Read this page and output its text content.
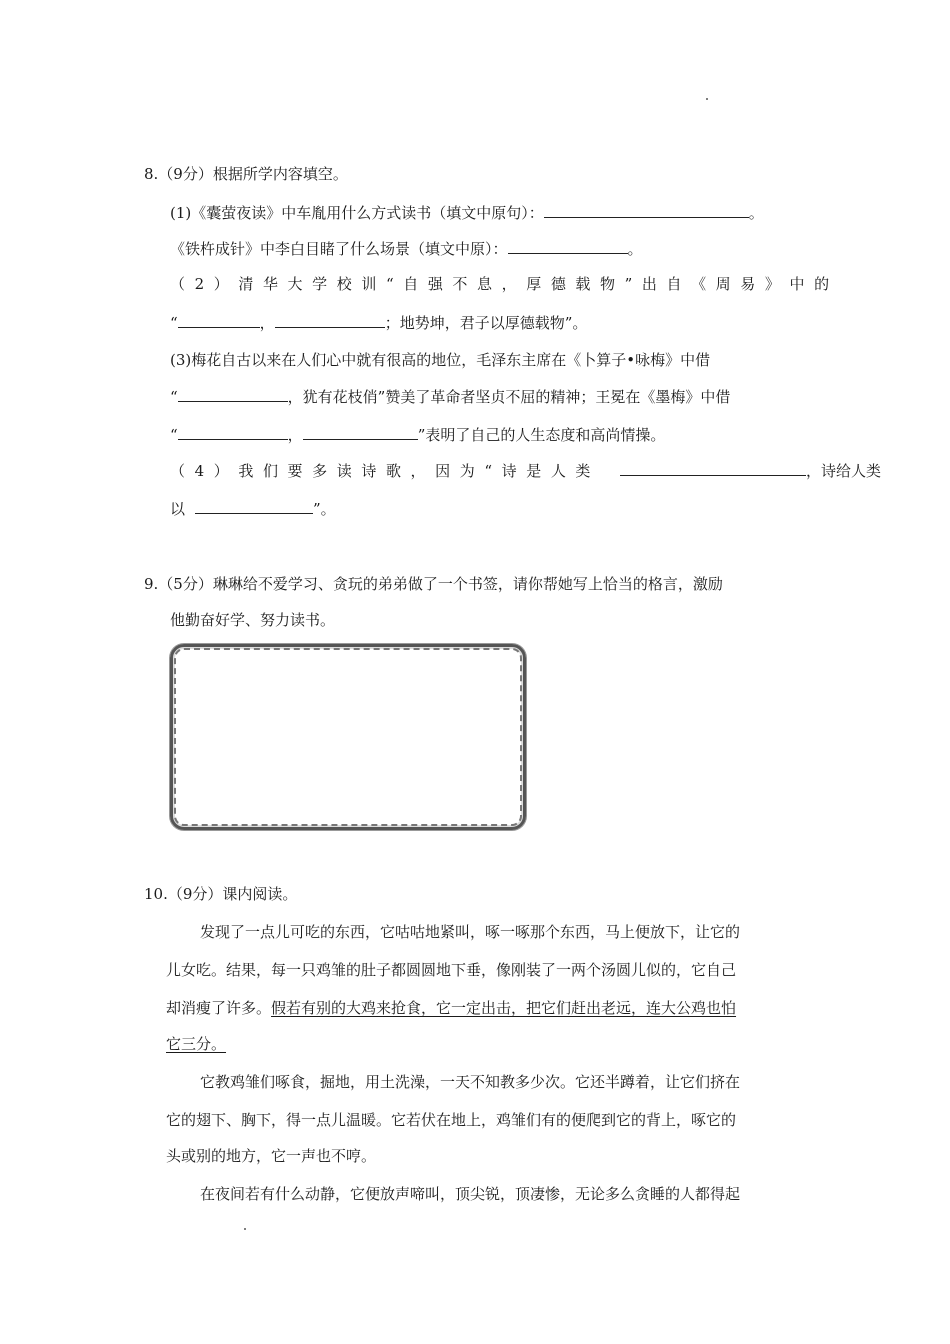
8.（9分）根据所学内容填空。
(1)《囊萤夜读》中车胤用什么方式读书（填文中原句）：	。
《铁杵成针》中李白目睹了什么场景（填文中原）：	。
（2）清华大学校训“自强不息，厚德载物”出自《周易》中的
“	，	；地势坤，君子以厚德载物”。
(3)梅花自古以来在人们心中就有很高的地位，毛泽东主席在《卜算子•咏梅》中借
“	，犹有花枝俏”赞美了革命者坚贞不屈的精神；王冕在《墨梅》中借
“	，	”表明了自己的人生态度和高尚情操。
（4）我们要多读诗歌，因为“诗是人类	，诗给人类
以	”。
9.（5分）琳琳给不爱学习、贪玩的弟弟做了一个书签，请你帮她写上恰当的格言，激励
他勤奋好学、努力读书。
10.（9分）课内阅读。
发现了一点儿可吃的东西，它咕咕地紧叫，啄一啄那个东西，马上便放下，让它的
儿女吃。结果，每一只鸡雏的肚子都圆圆地下垂，像刚装了一两个汤圆儿似的，它自己
却消瘦了许多。假若有别的大鸡来抢食，它一定出击，把它们赶出老远，连大公鸡也怕
它三分。
它教鸡雏们啄食，掘地，用土洗澡，一天不知教多少次。它还半蹲着，让它们挤在
它的翅下、胸下，得一点儿温暖。它若伏在地上，鸡雏们有的便爬到它的背上，啄它的
头或别的地方，它一声也不哼。
在夜间若有什么动静，它便放声啼叫，顶尖锐，顶凄惨，无论多么贪睡的人都得起
